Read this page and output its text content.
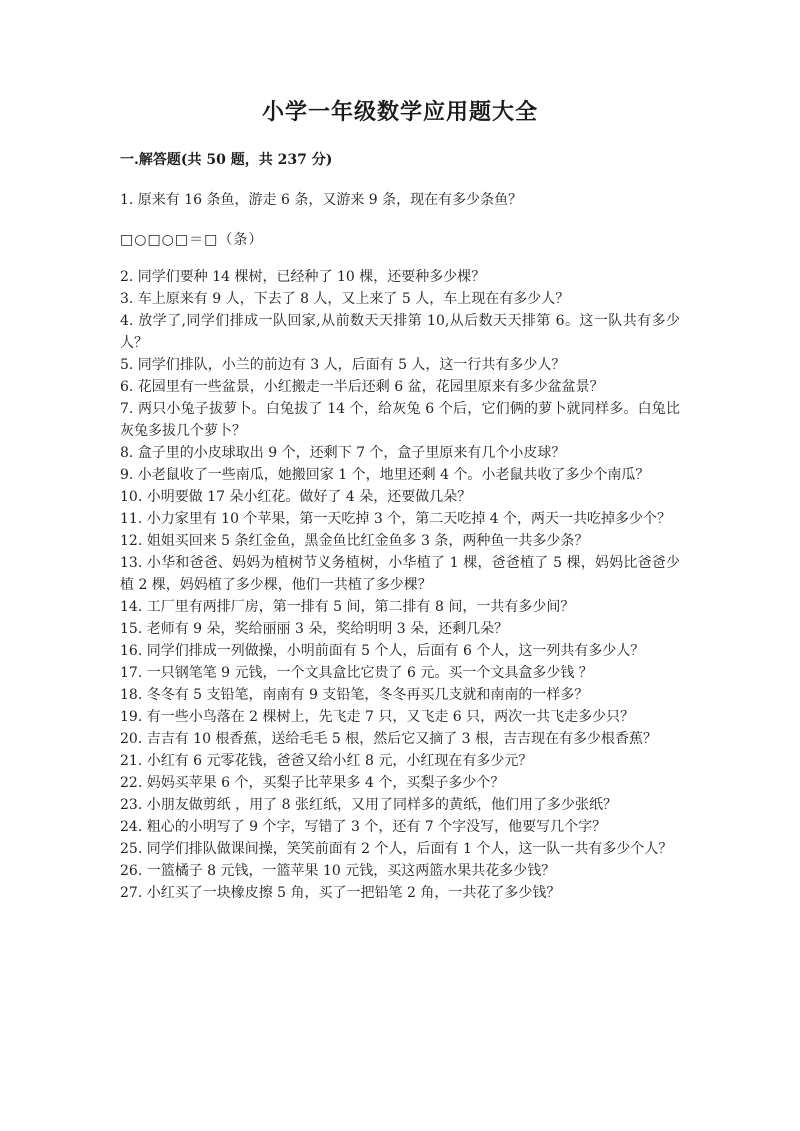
小学一年级数学应用题大全
一.解答题(共 50 题，共 237 分)
1. 原来有 16 条鱼，游走 6 条，又游来 9 条，现在有多少条鱼？
□○□○□＝□（条）
2. 同学们要种 14 棵树，已经种了 10 棵，还要种多少棵？
3. 车上原来有 9 人，下去了 8 人，又上来了 5 人，车上现在有多少人？
4. 放学了,同学们排成一队回家,从前数天天排第 10,从后数天天排第 6。这一队共有多少人？
5. 同学们排队，小兰的前边有 3 人，后面有 5 人，这一行共有多少人？
6. 花园里有一些盆景，小红搬走一半后还剩 6 盆，花园里原来有多少盆盆景？
7. 两只小兔子拔萝卜。白兔拔了 14 个，给灰兔 6 个后，它们俩的萝卜就同样多。白兔比灰兔多拔几个萝卜？
8. 盒子里的小皮球取出 9 个，还剩下 7 个，盒子里原来有几个小皮球？
9. 小老鼠收了一些南瓜，她搬回家 1 个，地里还剩 4 个。小老鼠共收了多少个南瓜？
10. 小明要做 17 朵小红花。做好了 4 朵，还要做几朵？
11. 小力家里有 10 个苹果，第一天吃掉 3 个，第二天吃掉 4 个，两天一共吃掉多少个？
12. 姐姐买回来 5 条红金鱼，黑金鱼比红金鱼多 3 条，两种鱼一共多少条？
13. 小华和爸爸、妈妈为植树节义务植树，小华植了 1 棵，爸爸植了 5 棵，妈妈比爸爸少植 2 棵，妈妈植了多少棵，他们一共植了多少棵？
14. 工厂里有两排厂房，第一排有 5 间，第二排有 8 间，一共有多少间？
15. 老师有 9 朵，奖给丽丽 3 朵，奖给明明 3 朵，还剩几朵？
16. 同学们排成一列做操，小明前面有 5 个人，后面有 6 个人，这一列共有多少人？
17. 一只钢笔笔 9 元钱，一个文具盒比它贵了 6 元。买一个文具盒多少钱 ？
18. 冬冬有 5 支铅笔，南南有 9 支铅笔，冬冬再买几支就和南南的一样多？
19. 有一些小鸟落在 2 棵树上，先飞走 7 只，又飞走 6 只，两次一共飞走多少只？
20. 吉吉有 10 根香蕉，送给毛毛 5 根，然后它又摘了 3 根，吉吉现在有多少根香蕉？
21. 小红有 6 元零花钱，爸爸又给小红 8 元，小红现在有多少元？
22. 妈妈买苹果 6 个，买梨子比苹果多 4 个，买梨子多少个？
23. 小朋友做剪纸 ，用了 8 张红纸，又用了同样多的黄纸，他们用了多少张纸？
24. 粗心的小明写了 9 个字，写错了 3 个，还有 7 个字没写，他要写几个字？
25. 同学们排队做课间操，笑笑前面有 2 个人，后面有 1 个人，这一队一共有多少个人？
26. 一篮橘子 8 元钱，一篮苹果 10 元钱，买这两篮水果共花多少钱？
27. 小红买了一块橡皮擦 5 角，买了一把铅笔 2 角，一共花了多少钱？
